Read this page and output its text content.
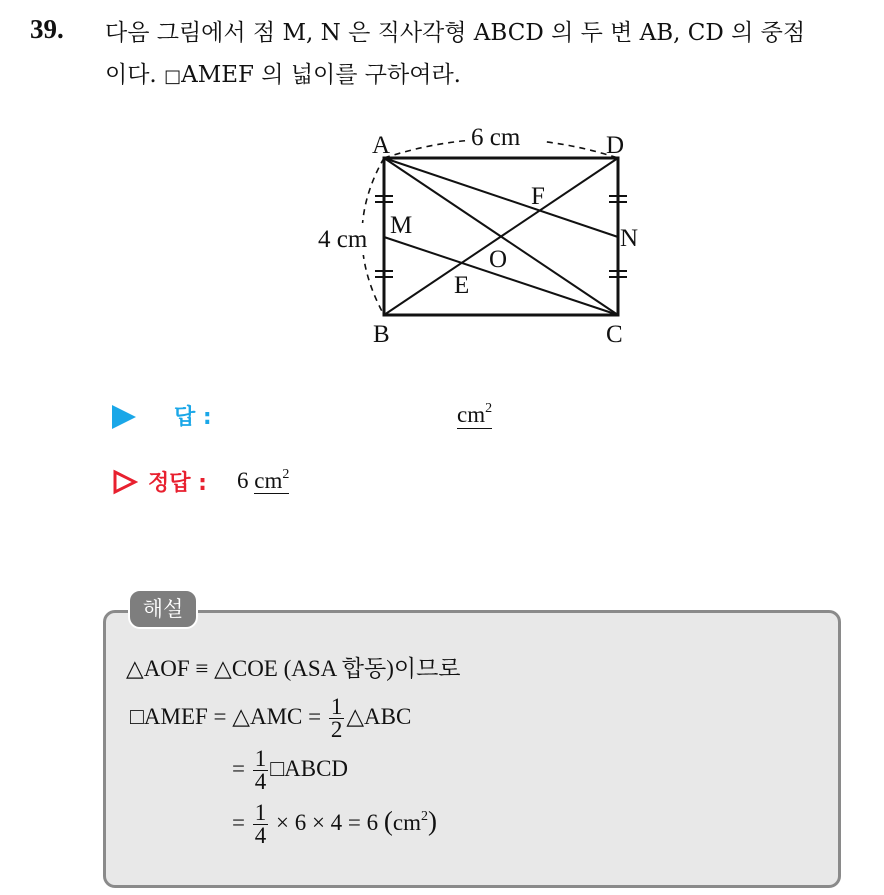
39. 다음 그림에서 점 M, N 은 직사각형 ABCD 의 두 변 AB, CD 의 중점
이다. □AMEF 의 넓이를 구하여라.
6 cm
4 cm
A	D
B	C
M	N
O
E
F
답 :	$cm^2$
정답 : 6 $cm^2$
해설
△AOF ≡ △COE (ASA 합동)이므로
□AMEF = △AMC = $\frac{1}{2}$ △ABC
= $\frac{1}{4}$ □ABCD
= $\frac{1}{4} \times 6 \times 4 = 6$ $(cm^2)$
